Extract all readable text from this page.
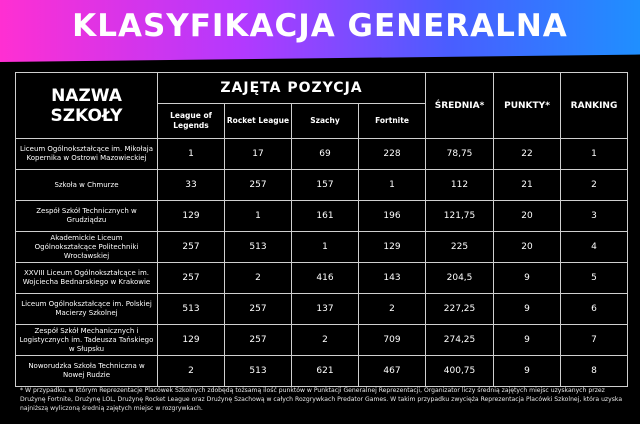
KLASYFIKACJA GENERALNA
NAZWA SZKOŁY	ZAJĘTA POZYCJA				ŚREDNIA*	PUNKTY*	RANKING
	League of Legends	Rocket League	Szachy	Fortnite			
Liceum Ogólnokształcące im. Mikołaja Kopernika w Ostrowi Mazowieckiej	1	17	69	228	78,75	22	1
Szkoła w Chmurze	33	257	157	1	112	21	2
Zespół Szkół Technicznych w Grudziądzu	129	1	161	196	121,75	20	3
Akademickie Liceum Ogólnokształcące Politechniki Wrocławskiej	257	513	1	129	225	20	4
XXVIII Liceum Ogólnokształcące im. Wojciecha Bednarskiego w Krakowie	257	2	416	143	204,5	9	5
Liceum Ogólnokształcące im. Polskiej Macierzy Szkolnej	513	257	137	2	227,25	9	6
Zespół Szkół Mechanicznych i Logistycznych im. Tadeusza Tańskiego w Słupsku	129	257	2	709	274,25	9	7
Noworudzka Szkoła Techniczna w Nowej Rudzie	2	513	621	467	400,75	9	8
* W przypadku, w którym Reprezentacje Placówek Szkolnych zdobędą tożsamą ilość punktów w Punktacji Generalnej Reprezentacji, Organizator liczy średnią zajętych miejsc uzyskanych przez Drużynę Fortnite, Drużynę LOL, Drużynę Rocket League oraz Drużynę Szachową w całych Rozgrywkach Predator Games. W takim przypadku zwycięża Reprezentacja Placówki Szkolnej, która uzyska najniższą wyliczoną średnią zajętych miejsc w rozgrywkach.
